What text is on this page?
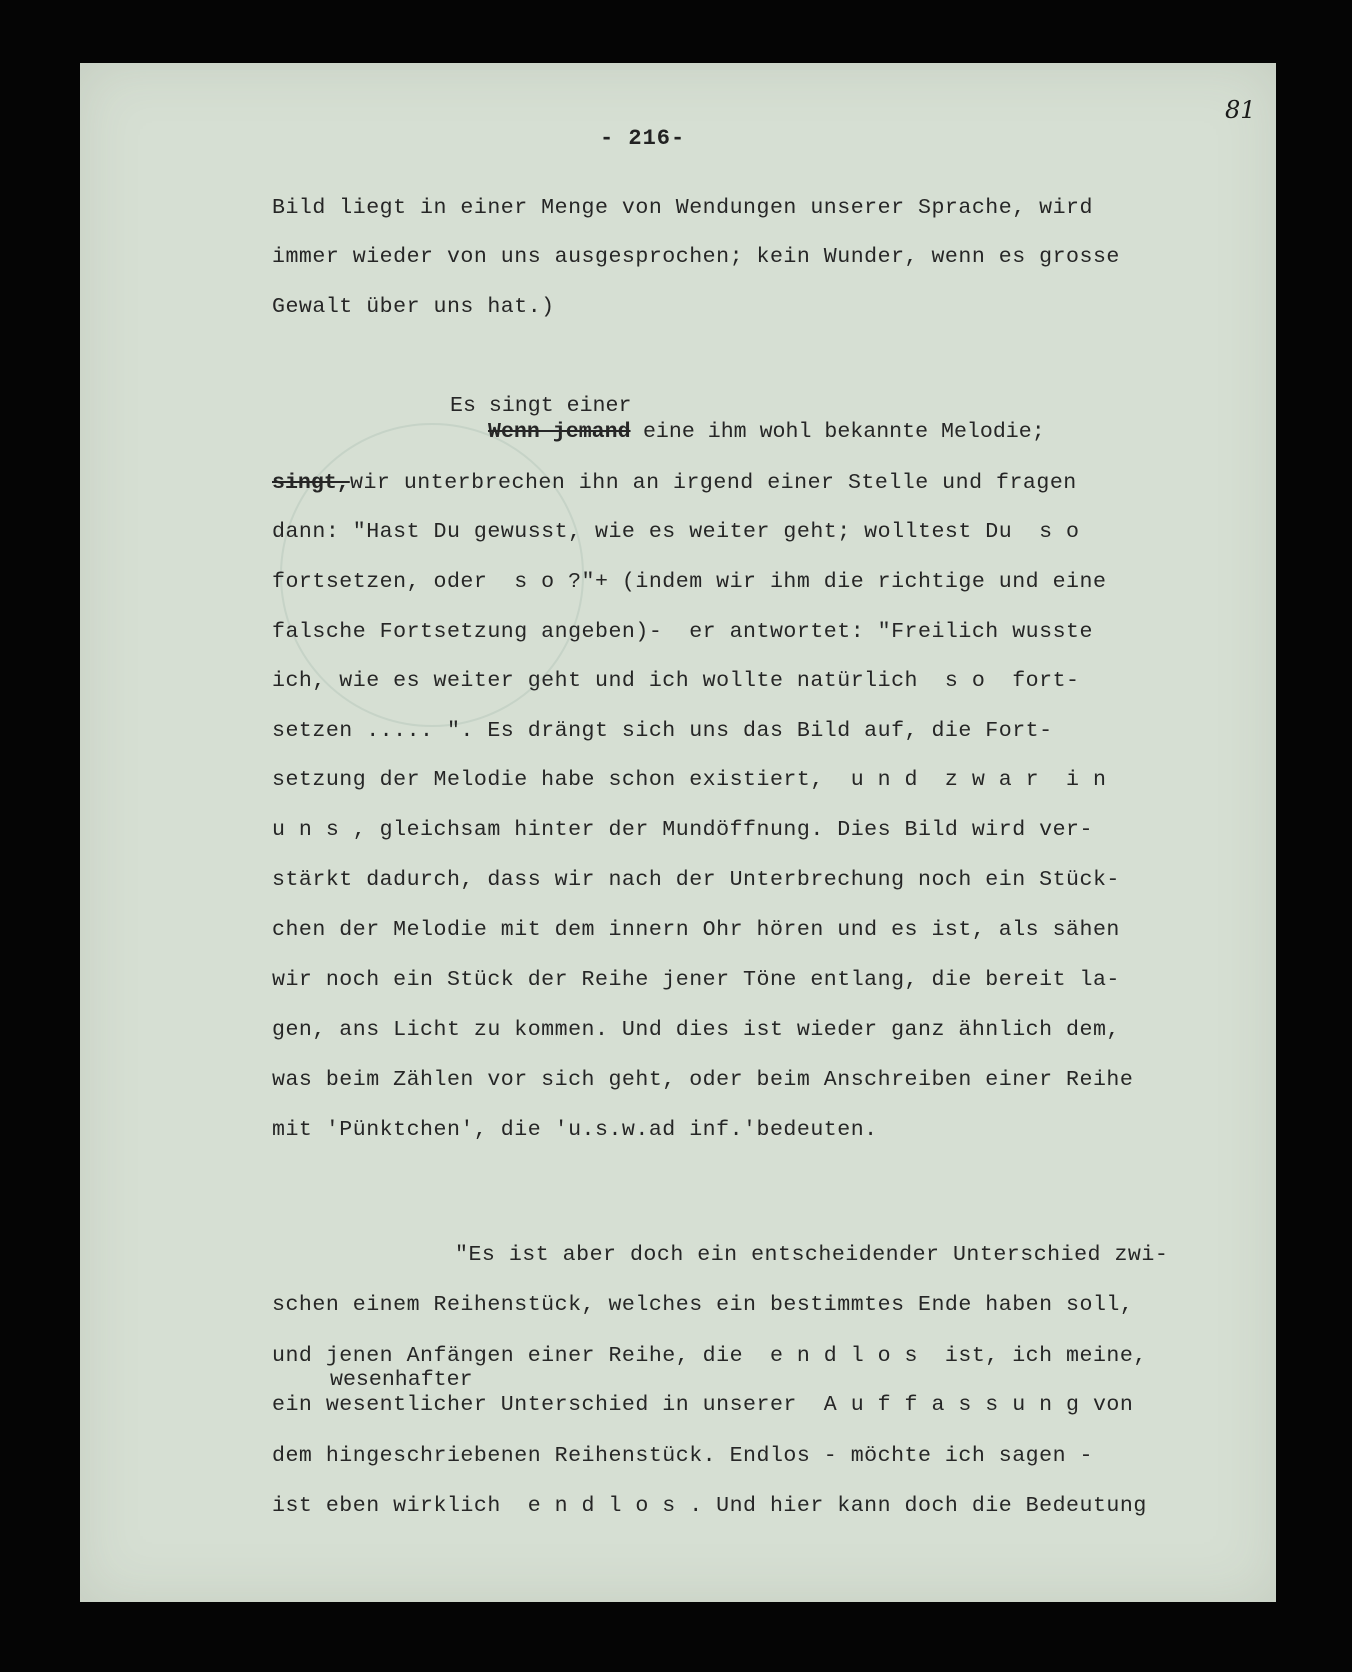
- 216-
81
Bild liegt in einer Menge von Wendungen unserer Sprache, wird
immer wieder von uns ausgesprochen; kein Wunder, wenn es grosse
Gewalt über uns hat.)
Es singt einer
Wenn jemand eine ihm wohl bekannte Melodie;
singt, wir unterbrechen ihn an irgend einer Stelle und fragen
dann: "Hast Du gewusst, wie es weiter geht; wolltest Du  s o
fortsetzen, oder  s o ?"+ (indem wir ihm die richtige und eine
falsche Fortsetzung angeben)-  er antwortet: "Freilich wusste
ich, wie es weiter geht und ich wollte natürlich  s o  fort-
setzen ..... ". Es drängt sich uns das Bild auf, die Fort-
setzung der Melodie habe schon existiert,  u n d  z w a r  i n
u n s , gleichsam hinter der Mundöffnung. Dies Bild wird ver-
stärkt dadurch, dass wir nach der Unterbrechung noch ein Stück-
chen der Melodie mit dem innern Ohr hören und es ist, als sähen
wir noch ein Stück der Reihe jener Töne entlang, die bereit la-
gen, ans Licht zu kommen. Und dies ist wieder ganz ähnlich dem,
was beim Zählen vor sich geht, oder beim Anschreiben einer Reihe
mit 'Pünktchen', die 'u.s.w.ad inf.'bedeuten.
"Es ist aber doch ein entscheidender Unterschied zwi-
schen einem Reihenstück, welches ein bestimmtes Ende haben soll,
und jenen Anfängen einer Reihe, die  e n d l o s  ist, ich meine,
wesenhafter
ein wesentlicher Unterschied in unserer  A u f f a s s u n g von
dem hingeschriebenen Reihenstück. Endlos - möchte ich sagen -
ist eben wirklich  e n d l o s . Und hier kann doch die Bedeutung
